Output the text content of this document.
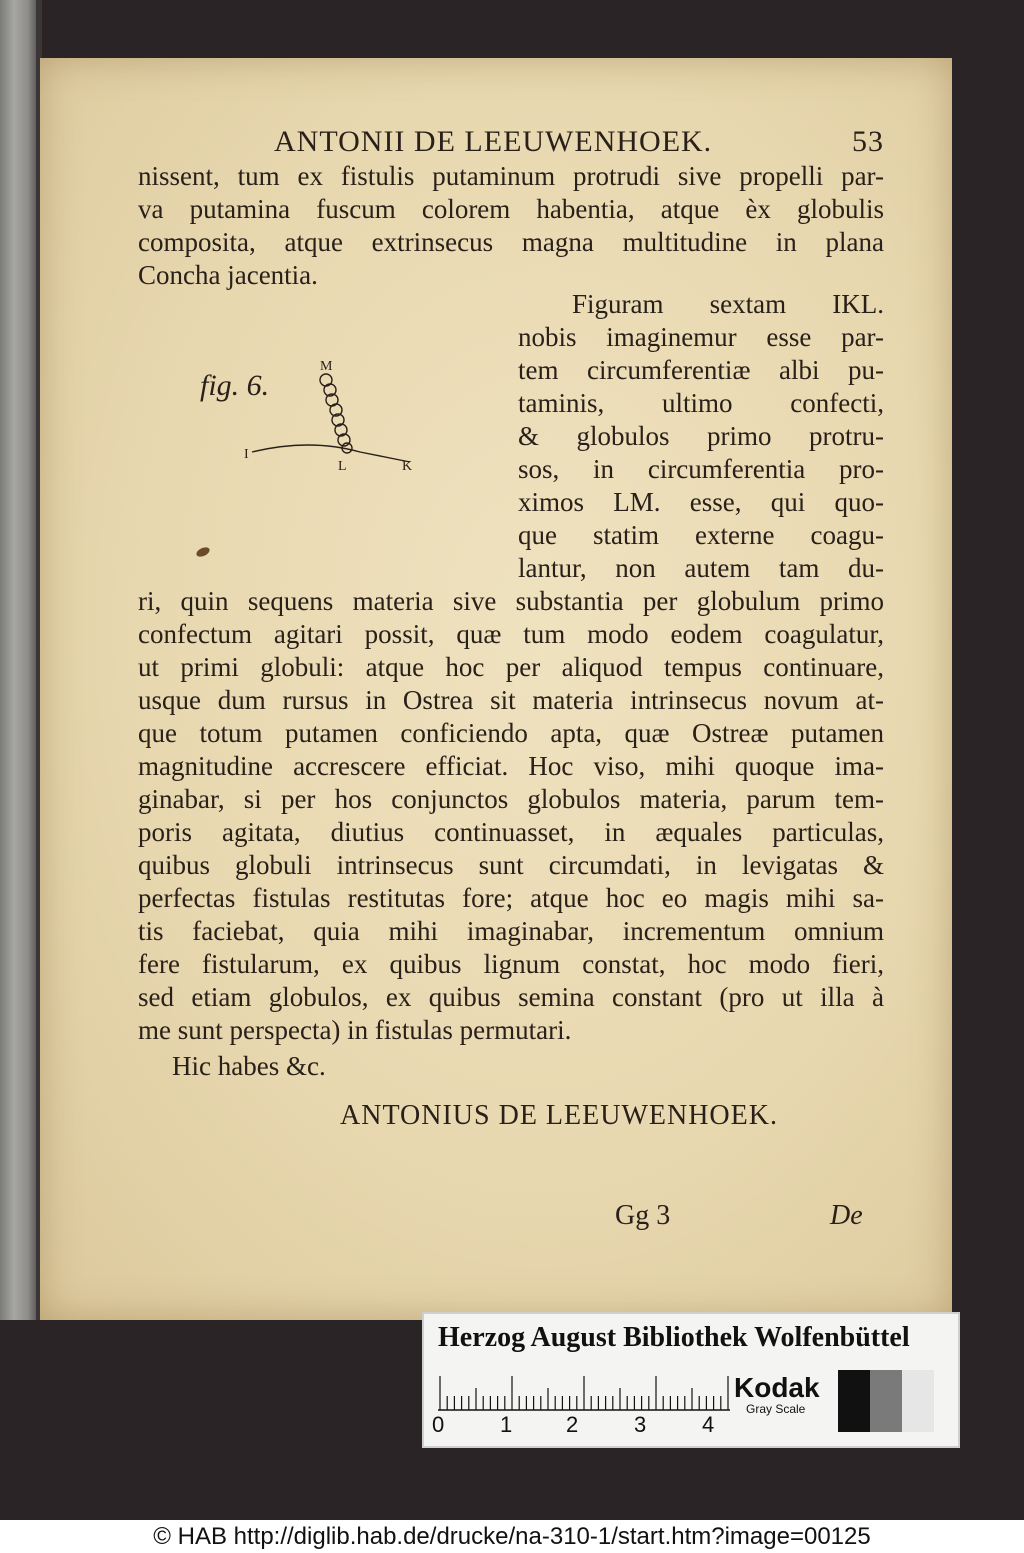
ANTONII DE LEEUWENHOEK.	53
nissent, tum ex fistulis putaminum protrudi sive propelli par-
va putamina fuscum colorem habentia, atque èx globulis
composita, atque extrinsecus magna multitudine in plana
Concha jacentia.
Figuram sextam IKL.
nobis imaginemur esse par-
tem circumferentiæ albi pu-
taminis, ultimo confecti,
& globulos primo protru-
sos, in circumferentia pro-
ximos LM. esse, qui quo-
que statim externe coagu-
lantur, non autem tam du-
fig. 6.
M
I
L	K
ri, quin sequens materia sive substantia per globulum primo
confectum agitari possit, quæ tum modo eodem coagulatur,
ut primi globuli: atque hoc per aliquod tempus continuare,
usque dum rursus in Ostrea sit materia intrinsecus novum at-
que totum putamen conficiendo apta, quæ Ostreæ putamen
magnitudine accrescere efficiat. Hoc viso, mihi quoque ima-
ginabar, si per hos conjunctos globulos materia, parum tem-
poris agitata, diutius continuasset, in æquales particulas,
quibus globuli intrinsecus sunt circumdati, in levigatas &
perfectas fistulas restitutas fore; atque hoc eo magis mihi sa-
tis faciebat, quia mihi imaginabar, incrementum omnium
fere fistularum, ex quibus lignum constat, hoc modo fieri,
sed etiam globulos, ex quibus semina constant (pro ut illa à
me sunt perspecta) in fistulas permutari.
Hic habes &c.
ANTONIUS DE LEEUWENHOEK.
Gg 3	De
Herzog August Bibliothek Wolfenbüttel
0	1 2	3	4
Kodak
Gray Scale
© HAB http://diglib.hab.de/drucke/na-310-1/start.htm?image=00125
